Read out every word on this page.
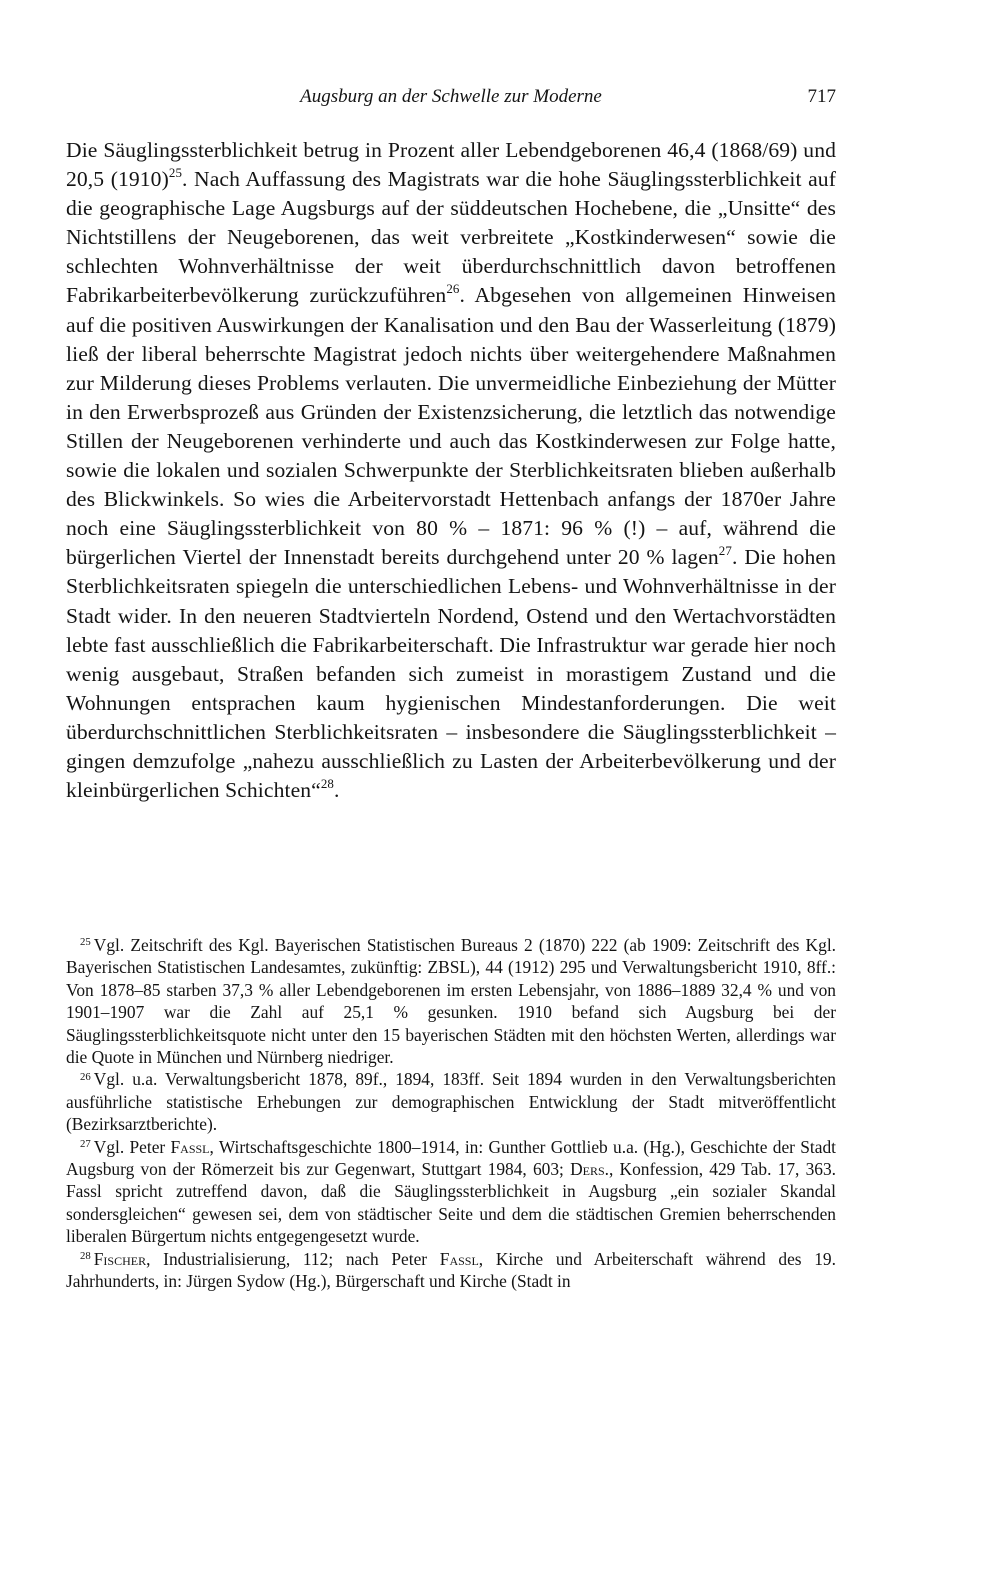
Augsburg an der Schwelle zur Moderne	717

Die Säuglingssterblichkeit betrug in Prozent aller Lebendgeborenen 46,4 (1868/69) und 20,5 $(1910)^{25}$. Nach Auffassung des Magistrats war die hohe Säuglingssterblichkeit auf die geographische Lage Augsburgs auf der süddeutschen Hochebene, die „Unsitte“ des Nichtstillens der Neugeborenen, das weit verbreitete „Kostkinderwesen“ sowie die schlechten Wohnverhältnisse der weit überdurchschnittlich davon betroffenen Fabrikarbeiterbevölkerung zurückzuführen$^{26}$. Abgesehen von allgemeinen Hinweisen auf die positiven Auswirkungen der Kanalisation und den Bau der Wasserleitung (1879) ließ der liberal beherrschte Magistrat jedoch nichts über weitergehendere Maßnahmen zur Milderung dieses Problems verlauten. Die unvermeidliche Einbeziehung der Mütter in den Erwerbsprozeß aus Gründen der Existenzsicherung, die letztlich das notwendige Stillen der Neugeborenen verhinderte und auch das Kostkinderwesen zur Folge hatte, sowie die lokalen und sozialen Schwerpunkte der Sterblichkeitsraten blieben außerhalb des Blickwinkels. So wies die Arbeitervorstadt Hettenbach anfangs der 1870er Jahre noch eine Säuglingssterblichkeit von 80 % – 1871: 96 % (!) – auf, während die bürgerlichen Viertel der Innenstadt bereits durchgehend unter 20 % lagen$^{27}$. Die hohen Sterblichkeitsraten spiegeln die unterschiedlichen Lebens- und Wohnverhältnisse in der Stadt wider. In den neueren Stadtvierteln Nordend, Ostend und den Wertachvorstädten lebte fast ausschließlich die Fabrikarbeiterschaft. Die Infrastruktur war gerade hier noch wenig ausgebaut, Straßen befanden sich zumeist in morastigem Zustand und die Wohnungen entsprachen kaum hygienischen Mindestanforderungen. Die weit überdurchschnittlichen Sterblichkeitsraten – insbesondere die Säuglingssterblichkeit – gingen demzufolge „nahezu ausschließlich zu Lasten der Arbeiterbevölkerung und der kleinbürgerlichen Schichten“$^{28}$.

$^{25}$ Vgl. Zeitschrift des Kgl. Bayerischen Statistischen Bureaus 2 (1870) 222 (ab 1909: Zeitschrift des Kgl. Bayerischen Statistischen Landesamtes, zukünftig: ZBSL), 44 (1912) 295 und Verwaltungsbericht 1910, 8ff.: Von 1878–85 starben 37,3 % aller Lebendgeborenen im ersten Lebensjahr, von 1886–1889 32,4 % und von 1901–1907 war die Zahl auf 25,1 % gesunken. 1910 befand sich Augsburg bei der Säuglingssterblichkeitsquote nicht unter den 15 bayerischen Städten mit den höchsten Werten, allerdings war die Quote in München und Nürnberg niedriger.

$^{26}$ Vgl. u.a. Verwaltungsbericht 1878, 89f., 1894, 183ff. Seit 1894 wurden in den Verwaltungsberichten ausführliche statistische Erhebungen zur demographischen Entwicklung der Stadt mitveröffentlicht (Bezirksarztberichte).

$^{27}$ Vgl. Peter Fassl, Wirtschaftsgeschichte 1800–1914, in: Gunther Gottlieb u.a. (Hg.), Geschichte der Stadt Augsburg von der Römerzeit bis zur Gegenwart, Stuttgart 1984, 603; Ders., Konfession, 429 Tab. 17, 363. Fassl spricht zutreffend davon, daß die Säuglingssterblichkeit in Augsburg „ein sozialer Skandal sondersgleichen“ gewesen sei, dem von städtischer Seite und dem die städtischen Gremien beherrschenden liberalen Bürgertum nichts entgegengesetzt wurde.

$^{28}$ Fischer, Industrialisierung, 112; nach Peter Fassl, Kirche und Arbeiterschaft während des 19. Jahrhunderts, in: Jürgen Sydow (Hg.), Bürgerschaft und Kirche (Stadt in
